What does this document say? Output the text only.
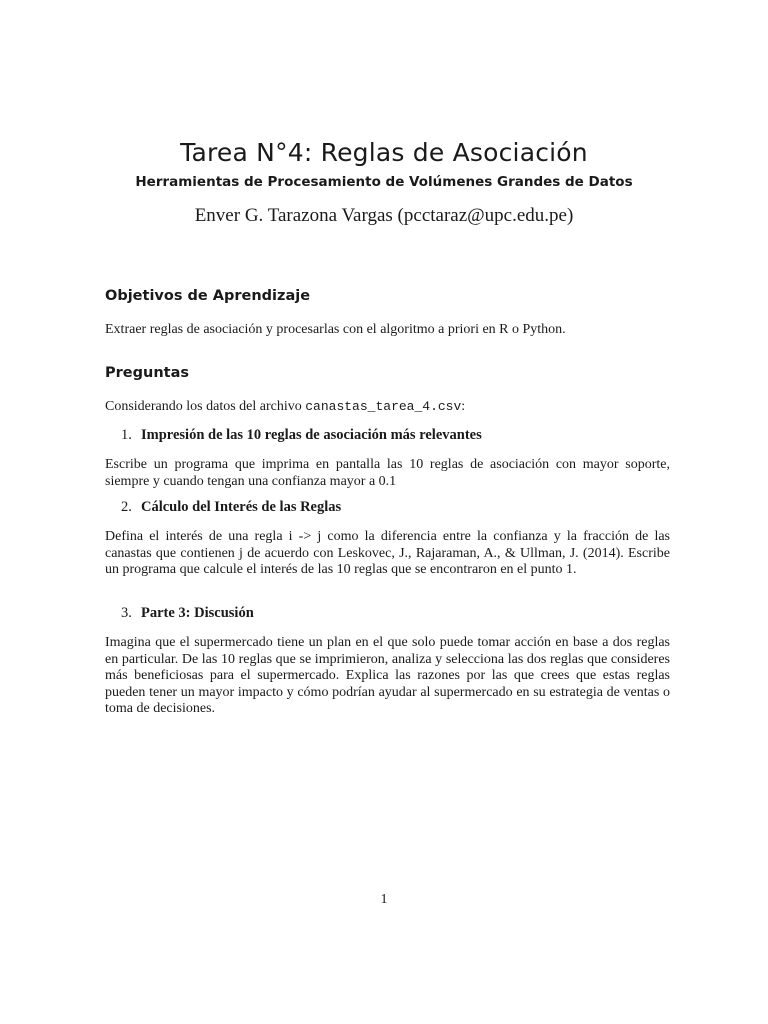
Tarea N°4: Reglas de Asociación
Herramientas de Procesamiento de Volúmenes Grandes de Datos
Enver G. Tarazona Vargas (pcctaraz@upc.edu.pe)
Objetivos de Aprendizaje

Extraer reglas de asociación y procesarlas con el algoritmo a priori en R o Python.

Preguntas

Considerando los datos del archivo canastas_tarea_4.csv:

1. Impresión de las 10 reglas de asociación más relevantes

Escribe un programa que imprima en pantalla las 10 reglas de asociación con mayor soporte, siempre y cuando tengan una confianza mayor a 0.1

2. Cálculo del Interés de las Reglas

Defina el interés de una regla i -> j como la diferencia entre la confianza y la fracción de las canastas que contienen j de acuerdo con Leskovec, J., Rajaraman, A., & Ullman, J. (2014). Escribe un programa que calcule el interés de las 10 reglas que se encontraron en el punto 1.

3. Parte 3: Discusión

Imagina que el supermercado tiene un plan en el que solo puede tomar acción en base a dos reglas en particular. De las 10 reglas que se imprimieron, analiza y selecciona las dos reglas que consideres más beneficiosas para el supermercado. Explica las razones por las que crees que estas reglas pueden tener un mayor impacto y cómo podrían ayudar al supermercado en su estrategia de ventas o toma de decisiones.

1
